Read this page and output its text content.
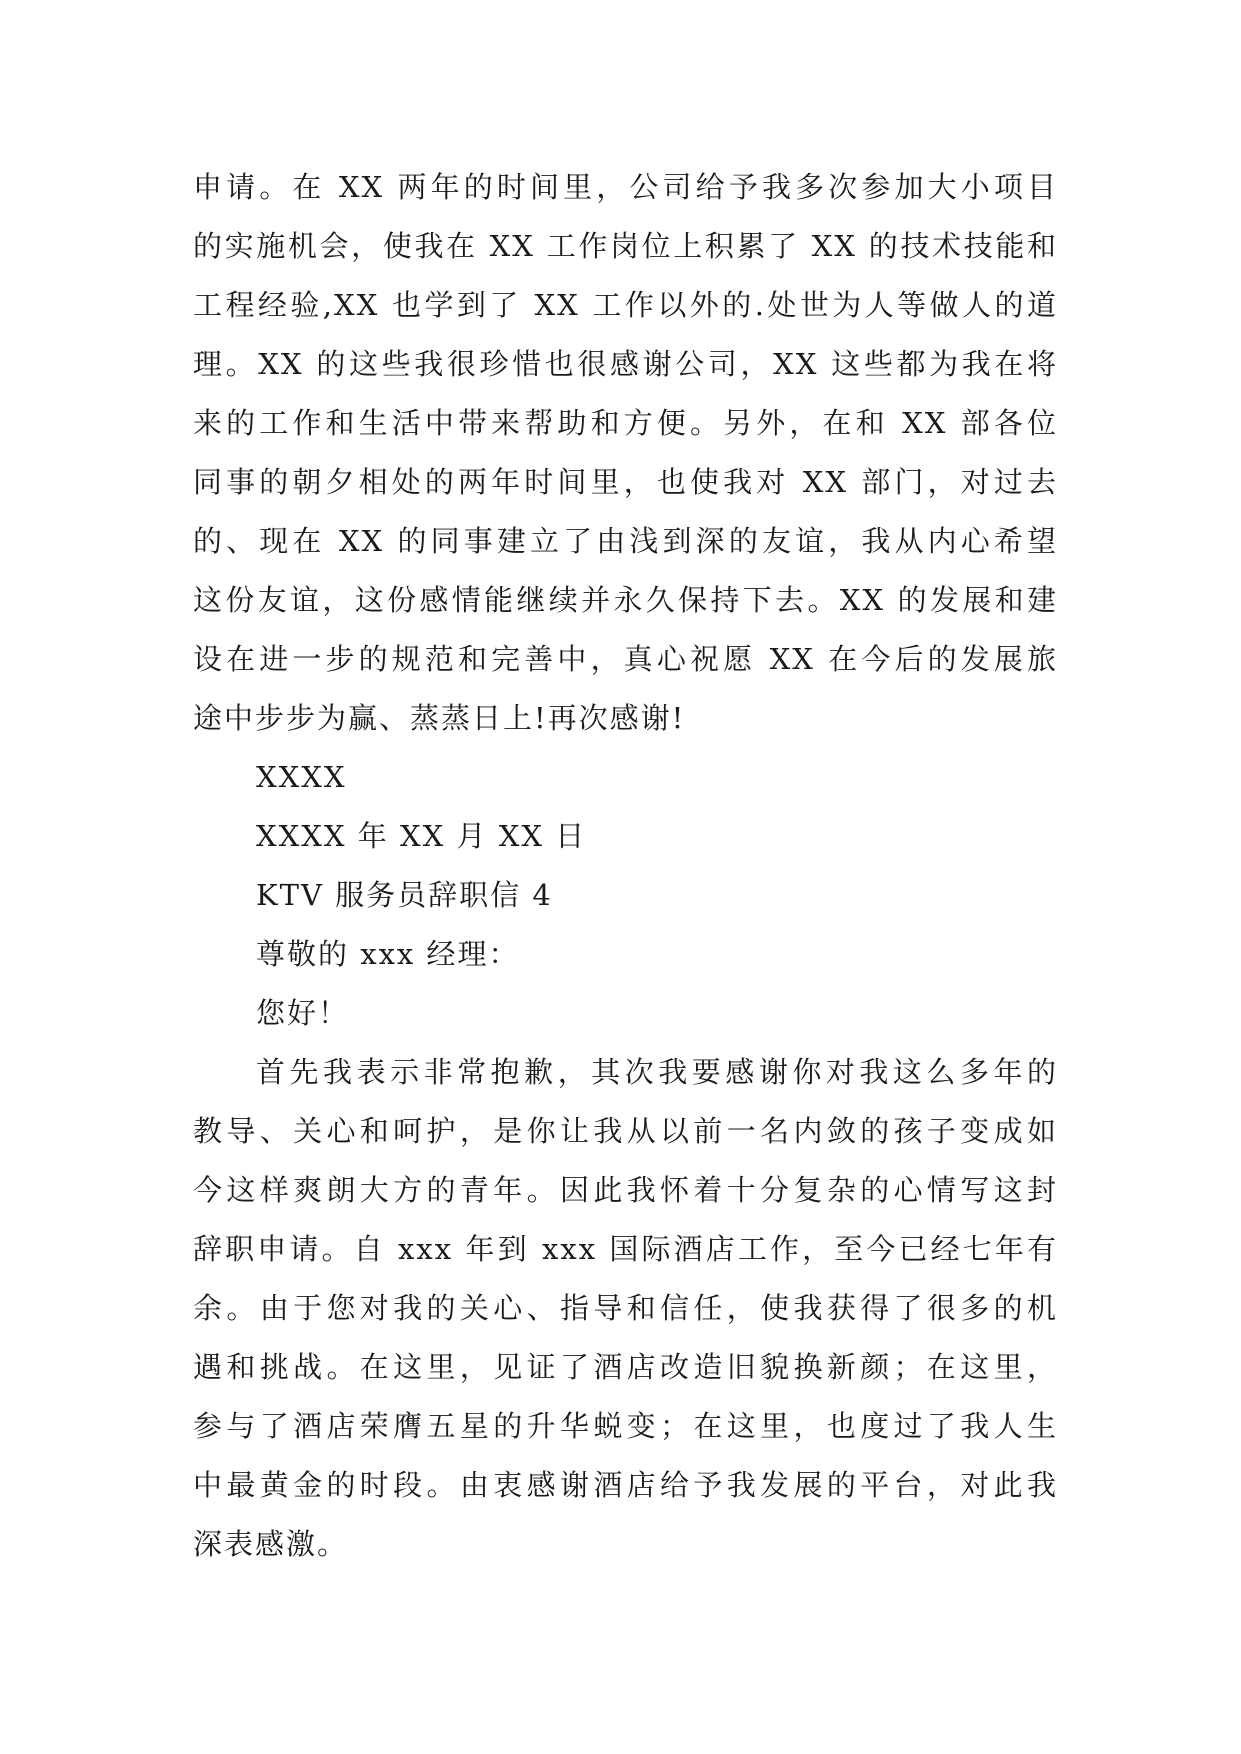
申请。在 XX 两年的时间里，公司给予我多次参加大小项目
的实施机会，使我在 XX 工作岗位上积累了 XX 的技术技能和
工程经验,XX 也学到了 XX 工作以外的.处世为人等做人的道
理。XX 的这些我很珍惜也很感谢公司，XX 这些都为我在将
来的工作和生活中带来帮助和方便。另外，在和 XX 部各位
同事的朝夕相处的两年时间里，也使我对 XX 部门，对过去
的、现在 XX 的同事建立了由浅到深的友谊，我从内心希望
这份友谊，这份感情能继续并永久保持下去。XX 的发展和建
设在进一步的规范和完善中，真心祝愿 XX 在今后的发展旅
途中步步为赢、蒸蒸日上!再次感谢!
XXXX
XXXX 年 XX 月 XX 日
KTV 服务员辞职信 4
尊敬的 xxx 经理：
您好！
首先我表示非常抱歉，其次我要感谢你对我这么多年的
教导、关心和呵护，是你让我从以前一名内敛的孩子变成如
今这样爽朗大方的青年。因此我怀着十分复杂的心情写这封
辞职申请。自 xxx 年到 xxx 国际酒店工作，至今已经七年有
余。由于您对我的关心、指导和信任，使我获得了很多的机
遇和挑战。在这里，见证了酒店改造旧貌换新颜；在这里，
参与了酒店荣膺五星的升华蜕变；在这里，也度过了我人生
中最黄金的时段。由衷感谢酒店给予我发展的平台，对此我
深表感激。
